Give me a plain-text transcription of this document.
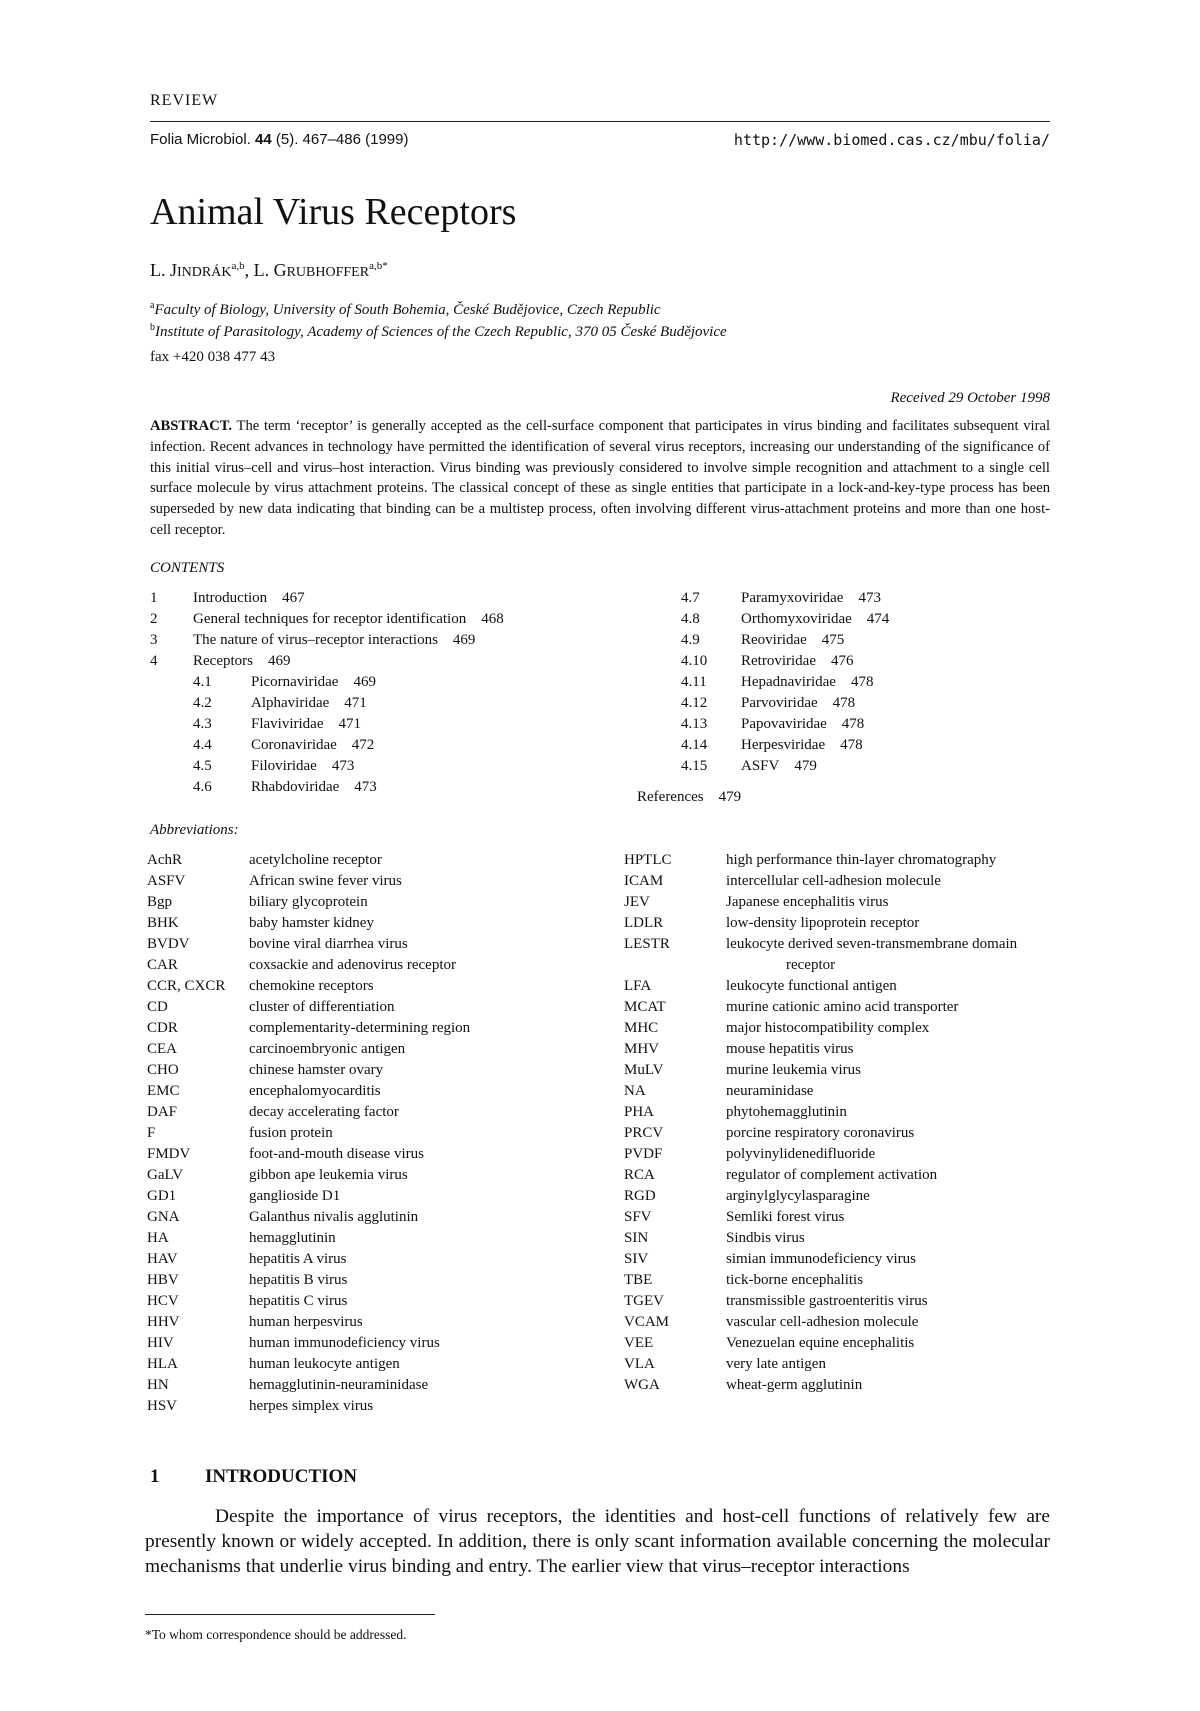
REVIEW
Folia Microbiol. 44 (5). 467–486 (1999)	http://www.biomed.cas.cz/mbu/folia/
Animal Virus Receptors
L. JINDRÁK$^{a,b}$, L. $GRUBHOFFER^{a,b*}$
$^a$Faculty of Biology, University of South Bohemia, České Budějovice, Czech Republic
$^b$Institute of Parasitology, Academy of Sciences of the Czech Republic, 370 05 České Budějovice
fax +420 038 477 43
Received 29 October 1998
ABSTRACT. The term ‘receptor’ is generally accepted as the cell-surface component that participates in virus binding and facilitates subsequent viral infection. Recent advances in technology have permitted the identification of several virus receptors, increasing our understanding of the significance of this initial virus–cell and virus–host interaction. Virus binding was previously considered to involve simple recognition and attachment to a single cell surface molecule by virus attachment proteins. The classical concept of these as single entities that participate in a lock-and-key-type process has been superseded by new data indicating that binding can be a multistep process, often involving different virus-attachment proteins and more than one host-cell receptor.
CONTENTS
References 479
Abbreviations:
1 INTRODUCTION
Despite the importance of virus receptors, the identities and host-cell functions of relatively few are presently known or widely accepted. In addition, there is only scant information available concerning the molecular mechanisms that underlie virus binding and entry. The earlier view that virus–receptor interactions
*To whom correspondence should be addressed.
1 Introduction    467
2 General techniques for receptor identification    468
3 The nature of virus–receptor interactions    469
4 Receptors    469
4.1	Picornaviridae    469
4.2	Alphaviridae    471
4.3	Flaviviridae    471
4.4	Coronaviridae    472
4.5	Filoviridae    473
4.6	Rhabdoviridae    473
4.7	Paramyxoviridae    473
4.8	Orthomyxoviridae    474
4.9	Reoviridae    475
4.10 Retroviridae    476
4.11 Hepadnaviridae    478
4.12 Parvoviridae    478
4.13 Papovaviridae    478
4.14 Herpesviridae    478
4.15 ASFV    479
AchR	acetylcholine receptor
ASFV	African swine fever virus
Bgp	biliary glycoprotein
BHK	baby hamster kidney
BVDV	bovine viral diarrhea virus
CAR	coxsackie and adenovirus receptor
CCR, CXCR chemokine receptors
CD	cluster of differentiation
CDR	complementarity-determining region
CEA	carcinoembryonic antigen
CHO	chinese hamster ovary
EMC	encephalomyocarditis
DAF	decay accelerating factor
F	fusion protein
FMDV	foot-and-mouth disease virus
GaLV	gibbon ape leukemia virus
GD1	ganglioside D1
GNA	Galanthus nivalis agglutinin
HA	hemagglutinin
HAV	hepatitis A virus
HBV	hepatitis B virus
HCV	hepatitis C virus
HHV	human herpesvirus
HIV	human immunodeficiency virus
HLA	human leukocyte antigen
HN	hemagglutinin-neuraminidase
HSV	herpes simplex virus
HPTLC	high performance thin-layer chromatography
ICAM	intercellular cell-adhesion molecule
JEV	Japanese encephalitis virus
LDLR	low-density lipoprotein receptor
LESTR	leukocyte derived seven-transmembrane domain
receptor
LFA	leukocyte functional antigen
MCAT	murine cationic amino acid transporter
MHC	major histocompatibility complex
MHV	mouse hepatitis virus
MuLV	murine leukemia virus
NA	neuraminidase
PHA	phytohemagglutinin
PRCV	porcine respiratory coronavirus
PVDF	polyvinylidenedifluoride
RCA	regulator of complement activation
RGD	arginylglycylasparagine
SFV	Semliki forest virus
SIN	Sindbis virus
SIV	simian immunodeficiency virus
TBE	tick-borne encephalitis
TGEV	transmissible gastroenteritis virus
VCAM	vascular cell-adhesion molecule
VEE	Venezuelan equine encephalitis
VLA	very late antigen
WGA	wheat-germ agglutinin
